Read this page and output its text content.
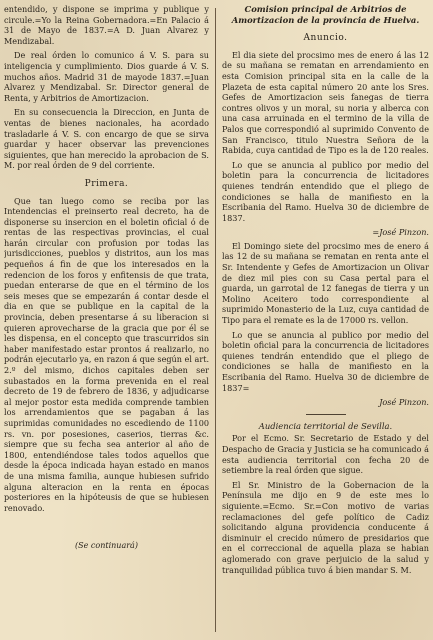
entendido, y dispone se imprima y publique y circule.=Yo la Reina Gobernadora.=En Palacio á 31 de Mayo de 1837.=A D. Juan Alvarez y Mendizabal.

De real órden lo comunico á V. S. para su inteligencia y cumplimiento. Dios guarde á V. S. muchos años. Madrid 31 de mayode 1837.=Juan Alvarez y Mendizabal. Sr. Director general de Renta, y Arbitrios de Amortizacion.

En su consecuencia la Direccion, en Junta de ventas de bienes nacionales, ha acordado trasladarle á V. S. con encargo de que se sirva guardar y hacer observar las prevenciones siguientes, que han merecido la aprobacion de S. M. por real órden de 9 del corriente.

Primera.

Que tan luego como se reciba por las Intendencias el preinserto real decreto, ha de disponerse su insercion en el boletin oficial ó de rentas de las respectivas provincias, el cual harán circular con profusion por todas las jurisdicciones, pueblos y distritos, aun los mas pequeños á fin de que los interesados en la redencion de los foros y enfitensis de que trata, puedan enterarse de que en el término de los seis meses que se empezarán á contar desde el dia en que se publique en la capital de la provincia, deben presentarse á su liberacion si quieren aprovecharse de la gracia que por él se les dispensa, en el concepto que trascurridos sin haber manifestado estar prontos á realizarlo, no podrán ejecutarlo ya, en razon á que según el art. 2.º del mismo, dichos capitales deben ser subastados en la forma prevenida en el real decreto de 19 de febrero de 1836, y adjudicarse al mejor postor esta medida comprende tambien los arrendamientos que se pagaban á las suprimidas comunidades no escediendo de 1100 rs. vn. por posesiones, caserios, tierras &c. siempre que su fecha sea anterior al año de 1800, entendiéndose tales todos aquellos que desde la época indicada hayan estado en manos de una misma familia, aunque hubiesen sufrido alguna alteracion en la renta en épocas posteriores en la hipóteusis de que se hubiesen renovado.

(Se continuará)
Comision principal de Arbitrios de Amortizacion de la provincia de Huelva.
Anuncio.

El dia siete del procsimo mes de enero á las 12 de su mañana se rematan en arrendamiento en esta Comision principal sita en la calle de la Plazeta de esta capital número 20 ante los Sres. Gefes de Amortizacion seis fanegas de tierra contres olivos y un moral, su noria y alberca con una casa arruinada en el termino de la villa de Palos que correspondió al suprimido Convento de San Francisco, titulo Nuestra Señora de la Rabida, cuya cantidad de Tipo es la de 120 reales.

Lo que se anuncia al publico por medio del boletin para la concurrencia de licitadores quienes tendrán entendido que el pliego de condiciones se halla de manifiesto en la Escribania del Ramo. Huelva 30 de diciembre de 1837.

=José Pinzon.

El Domingo siete del procsimo mes de enero á las 12 de su mañana se rematan en renta ante el Sr. Intendente y Gefes de Amortizacion un Olivar de diez mil pies con su Casa pertal para el guarda, un garrotal de 12 fanegas de tierra y un Molino Aceitero todo correspondiente al suprimido Monasterio de la Luz, cuya cantidad de Tipo para el remate es la de 17000 rs. vellon.

Lo que se anuncia al publico por medio del boletin oficial para la concurrencia de licitadores quienes tendrán entendido que el pliego de condiciones se halla de manifiesto en la Escribania del Ramo. Huelva 30 de diciembre de 1837=

José Pinzon.
Audiencia territorial de Sevilla.

Por el Ecmo. Sr. Secretario de Estado y del Despacho de Gracia y Justicia se ha comunicado á esta audiencia territorial con fecha 20 de setiembre la real órden que sigue.

El Sr. Ministro de la Gobernacion de la Península me dijo en 9 de este mes lo siguiente.=Ecmo. Sr.=Con motivo de varias reclamaciones del gefe político de Cadiz solicitando alguna providencia conducente á disminuir el crecido número de presidarios que en el correccional de aquella plaza se habian aglomerado con grave perjuicio de la salud y tranquilidad pública tuvo á bien mandar S. M.
